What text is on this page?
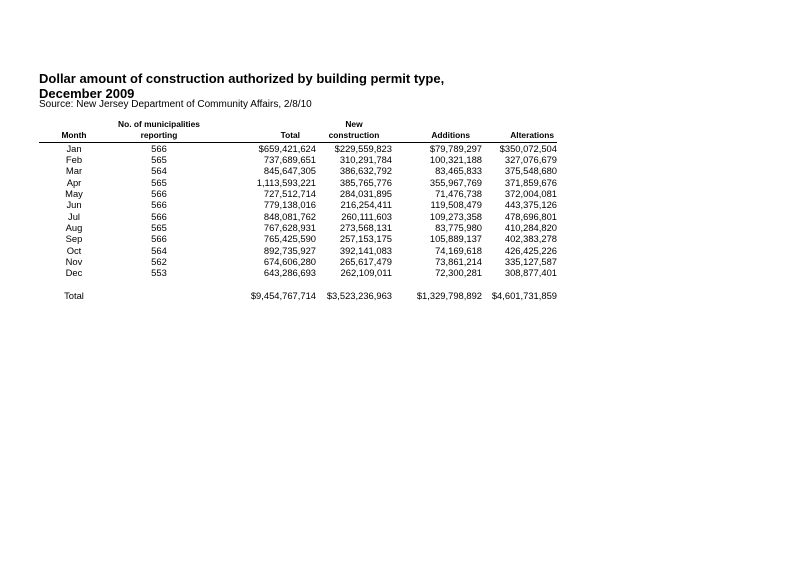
Dollar amount of construction authorized by building permit type,
December 2009
Source: New Jersey Department of Community Affairs, 2/8/10
	No. of municipalities		New		
Month	reporting	Total	construction	Additions	Alterations
Jan	566	$659,421,624	$229,559,823	$79,789,297	$350,072,504
Feb	565	737,689,651	310,291,784	100,321,188	327,076,679
Mar	564	845,647,305	386,632,792	83,465,833	375,548,680
Apr	565	1,113,593,221	385,765,776	355,967,769	371,859,676
May	566	727,512,714	284,031,895	71,476,738	372,004,081
Jun	566	779,138,016	216,254,411	119,508,479	443,375,126
Jul	566	848,081,762	260,111,603	109,273,358	478,696,801
Aug	565	767,628,931	273,568,131	83,775,980	410,284,820
Sep	566	765,425,590	257,153,175	105,889,137	402,383,278
Oct	564	892,735,927	392,141,083	74,169,618	426,425,226
Nov	562	674,606,280	265,617,479	73,861,214	335,127,587
Dec	553	643,286,693	262,109,011	72,300,281	308,877,401

Total		$9,454,767,714	$3,523,236,963	$1,329,798,892	$4,601,731,859
